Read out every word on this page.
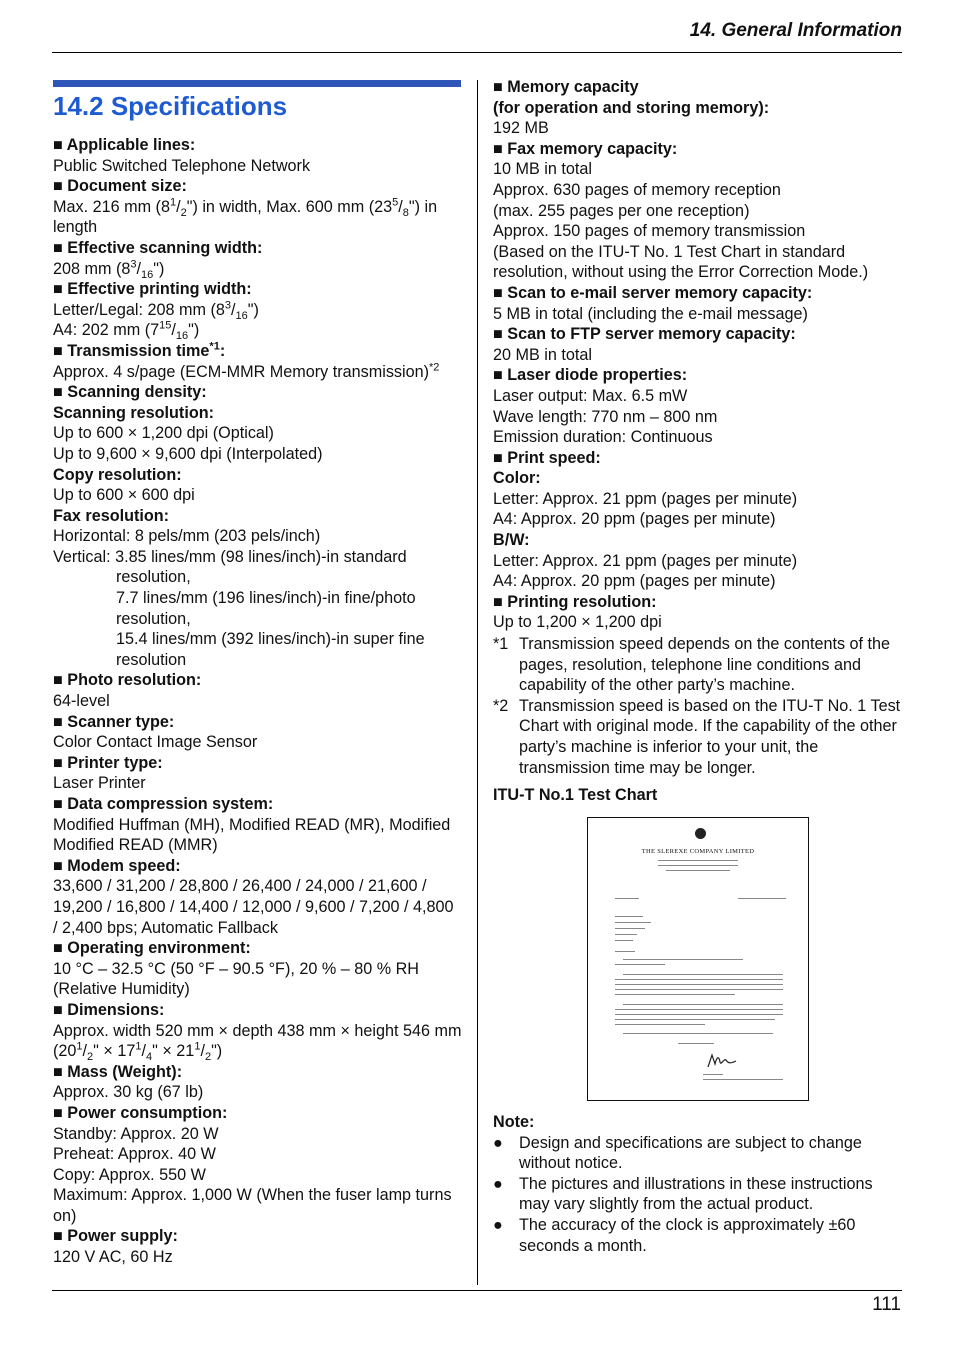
14. General Information
14.2 Specifications
■ Applicable lines:
Public Switched Telephone Network
■ Document size:
Max. 216 mm $(8^1/_2")$ in width, Max. 600 mm $(23^5/_8")$ in
length
■ Effective scanning width:
208 mm $(8^3/_{16}")$
■ Effective printing width:
Letter/Legal: 208 mm $(8^3/_{16}")$
A4: 202 mm $(7^{15}/_{16}")$
■ Transmission time$^{*1}$:
Approx. 4 s/page (ECM-MMR Memory transmission)$^{*2}$
■ Scanning density:
Scanning resolution:
Up to 600 × 1,200 dpi (Optical)
Up to 9,600 × 9,600 dpi (Interpolated)
Copy resolution:
Up to 600 × 600 dpi
Fax resolution:
Horizontal: 8 pels/mm (203 pels/inch)
Vertical: 3.85 lines/mm (98 lines/inch)-in standard
resolution,
7.7 lines/mm (196 lines/inch)-in fine/photo
resolution,
15.4 lines/mm (392 lines/inch)-in super fine
resolution
■ Photo resolution:
64-level
■ Scanner type:
Color Contact Image Sensor
■ Printer type:
Laser Printer
■ Data compression system:
Modified Huffman (MH), Modified READ (MR), Modified
Modified READ (MMR)
■ Modem speed:
33,600 / 31,200 / 28,800 / 26,400 / 24,000 / 21,600 /
19,200 / 16,800 / 14,400 / 12,000 / 9,600 / 7,200 / 4,800
/ 2,400 bps; Automatic Fallback
■ Operating environment:
10 °C – 32.5 °C (50 °F – 90.5 °F), 20 % – 80 % RH
(Relative Humidity)
■ Dimensions:
Approx. width 520 mm × depth 438 mm × height 546 mm
($20^1/_2$" × $17^1/_4$" × $21^1/_2$")
■ Mass (Weight):
Approx. 30 kg (67 lb)
■ Power consumption:
Standby: Approx. 20 W
Preheat: Approx. 40 W
Copy: Approx. 550 W
Maximum: Approx. 1,000 W (When the fuser lamp turns
on)
■ Power supply:
120 V AC, 60 Hz
■ Memory capacity
(for operation and storing memory):
192 MB
■ Fax memory capacity:
10 MB in total
Approx. 630 pages of memory reception
(max. 255 pages per one reception)
Approx. 150 pages of memory transmission
(Based on the ITU-T No. 1 Test Chart in standard
resolution, without using the Error Correction Mode.)
■ Scan to e-mail server memory capacity:
5 MB in total (including the e-mail message)
■ Scan to FTP server memory capacity:
20 MB in total
■ Laser diode properties:
Laser output: Max. 6.5 mW
Wave length: 770 nm – 800 nm
Emission duration: Continuous
■ Print speed:
Color:
Letter: Approx. 21 ppm (pages per minute)
A4: Approx. 20 ppm (pages per minute)
B/W:
Letter: Approx. 21 ppm (pages per minute)
A4: Approx. 20 ppm (pages per minute)
■ Printing resolution:
Up to 1,200 × 1,200 dpi
*1 Transmission speed depends on the contents of the pages, resolution, telephone line conditions and capability of the other party’s machine.
*2 Transmission speed is based on the ITU-T No. 1 Test Chart with original mode. If the capability of the other party’s machine is inferior to your unit, the transmission time may be longer.
ITU-T No.1 Test Chart
THE SLEREXE COMPANY LIMITED
Note:
●	Design and specifications are subject to change without notice.
●	The pictures and illustrations in these instructions may vary slightly from the actual product.
●	The accuracy of the clock is approximately ±60 seconds a month.
111
